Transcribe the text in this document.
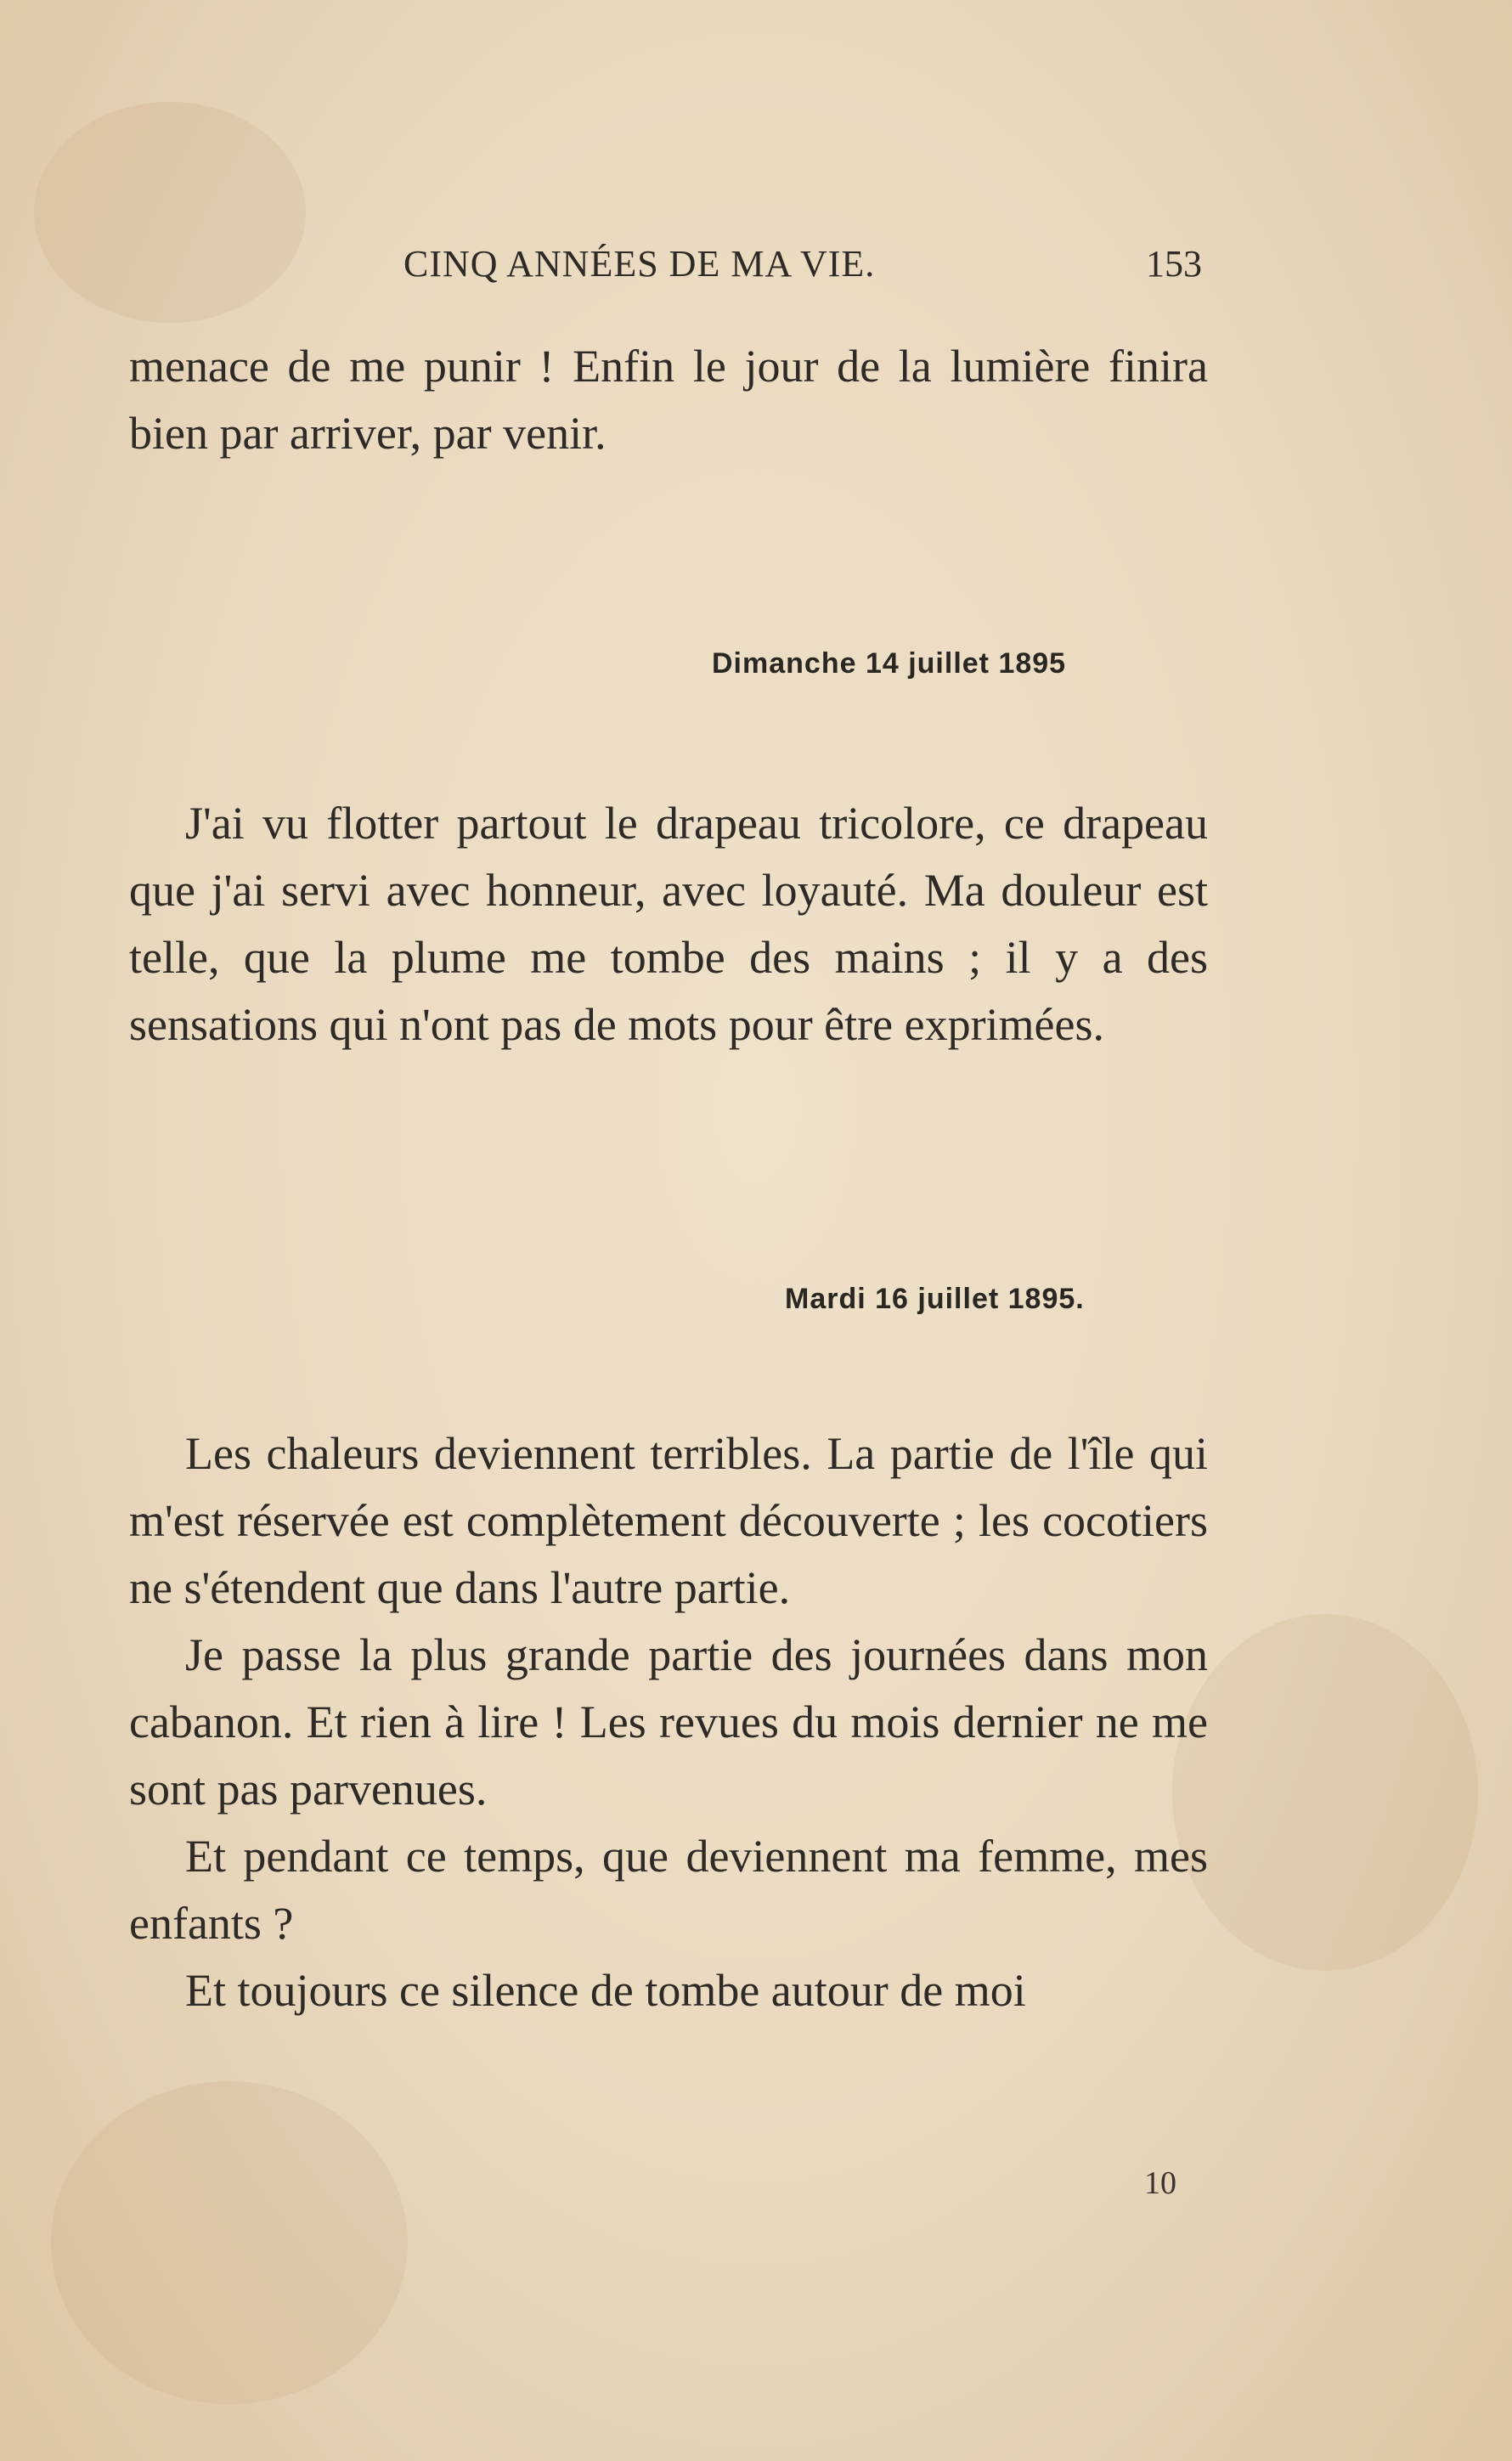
CINQ ANNÉES DE MA VIE.	153

menace de me punir ! Enfin le jour de la lumière finira bien par arriver, par venir.

Dimanche 14 juillet 1895

J'ai vu flotter partout le drapeau tricolore, ce drapeau que j'ai servi avec honneur, avec loyauté. Ma douleur est telle, que la plume me tombe des mains ; il y a des sensations qui n'ont pas de mots pour être exprimées.

Mardi 16 juillet 1895.

Les chaleurs deviennent terribles. La partie de l'île qui m'est réservée est complètement découverte ; les cocotiers ne s'étendent que dans l'autre partie.

Je passe la plus grande partie des journées dans mon cabanon. Et rien à lire ! Les revues du mois dernier ne me sont pas parvenues.

Et pendant ce temps, que deviennent ma femme, mes enfants ?

Et toujours ce silence de tombe autour de moi

10
